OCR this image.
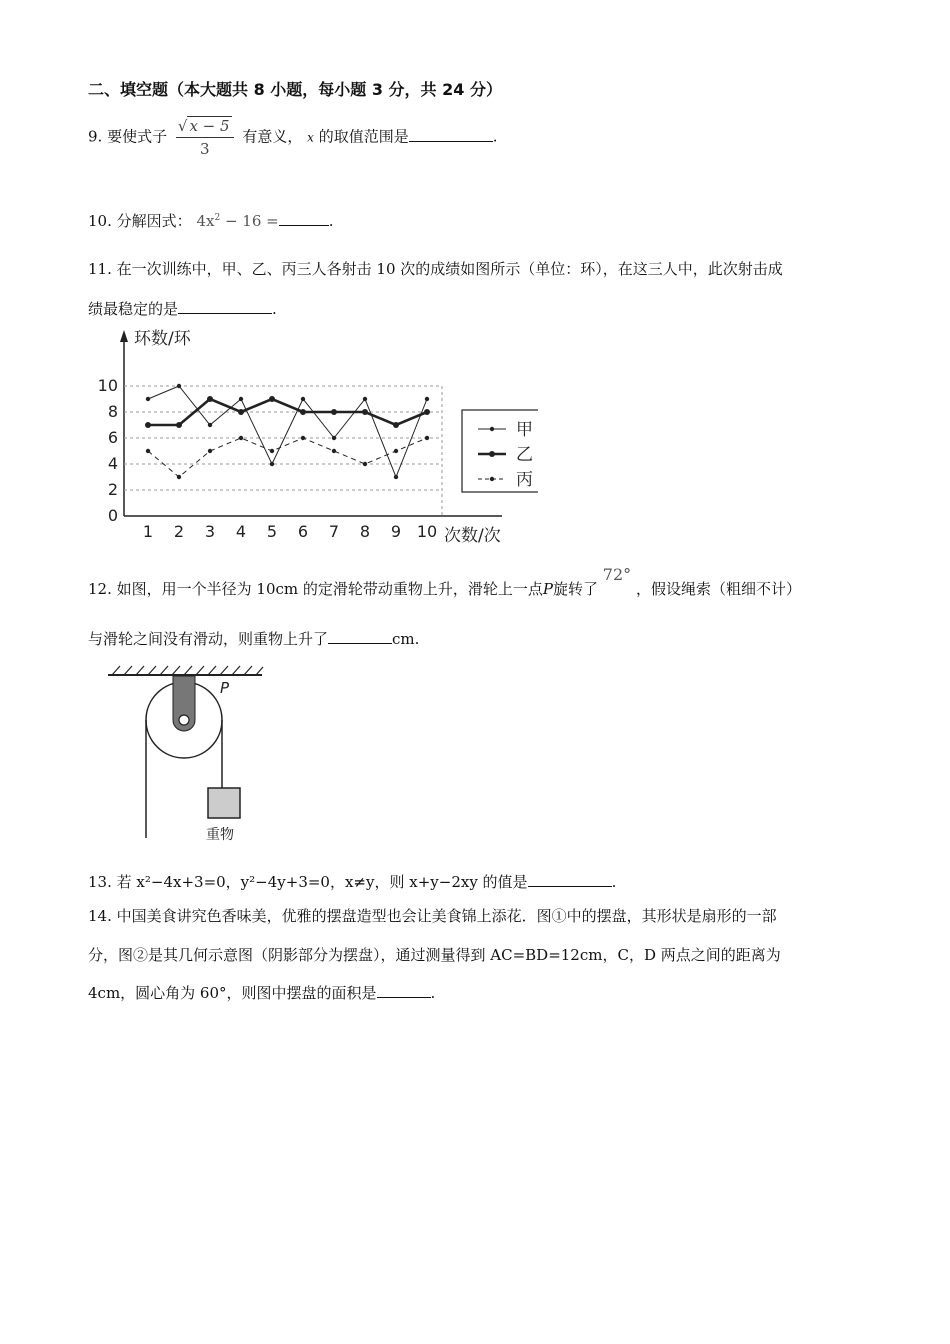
二、填空题（本大题共 8 小题，每小题 3 分，共 24 分）
9. 要使式子 $\frac{√ x - 5}{3}$ 有意义， x 的取值范围是	.
10. 分解因式： $4x^2 - 16$ =	.
11. 在一次训练中，甲、乙、丙三人各射击 10 次的成绩如图所示（单位：环），在这三人中，此次射击成
绩最稳定的是	.
0
2
4
6
8
10
1 2 3 4 5 6 7 8 9 10
环数/环
次数/次
甲
乙
丙
12. 如图，用一个半径为 10cm 的定滑轮带动重物上升，滑轮上一点P旋转了 72° ，假设绳索（粗细不计）
与滑轮之间没有滑动，则重物上升了	cm.
P
重物
13. 若 x²−4x+3=0，y²−4y+3=0，x≠y，则 x+y−2xy 的值是	.
14. 中国美食讲究色香味美，优雅的摆盘造型也会让美食锦上添花．图①中的摆盘，其形状是扇形的一部
分，图②是其几何示意图（阴影部分为摆盘），通过测量得到 AC=BD=12cm，C，D 两点之间的距离为
4cm，圆心角为 60°，则图中摆盘的面积是	.
